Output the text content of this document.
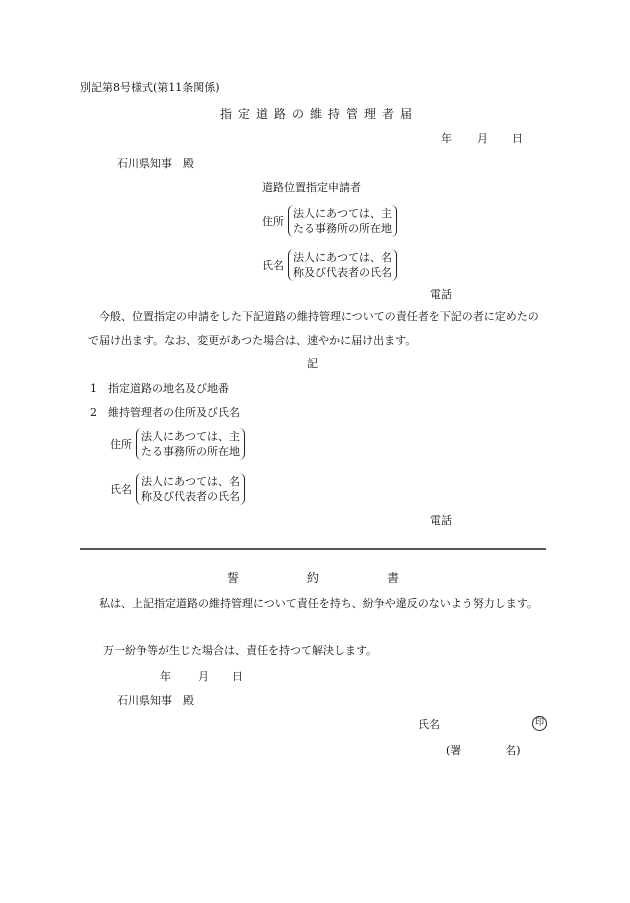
別記第8号様式(第11条関係)
指定道路の維持管理者届
年 月 日
石川県知事　殿
道路位置指定申請者
住所
法人にあつては、主
たる事務所の所在地
氏名
法人にあつては、名
称及び代表者の氏名
電話
今般、位置指定の申請をした下記道路の維持管理についての責任者を下記の者に定めたので届け出ます。なお、変更があつた場合は、速やかに届け出ます。
記
1　指定道路の地名及び地番
2　維持管理者の住所及び氏名
住所
法人にあつては、主
たる事務所の所在地
氏名
法人にあつては、名
称及び代表者の氏名
電話
誓	約	書
私は、上記指定道路の維持管理について責任を持ち、紛争や違反のないよう努力します。
万一紛争等が生じた場合は、責任を持つて解決します。
年 月 日
石川県知事　殿
氏名	印
(署　　　　名)
